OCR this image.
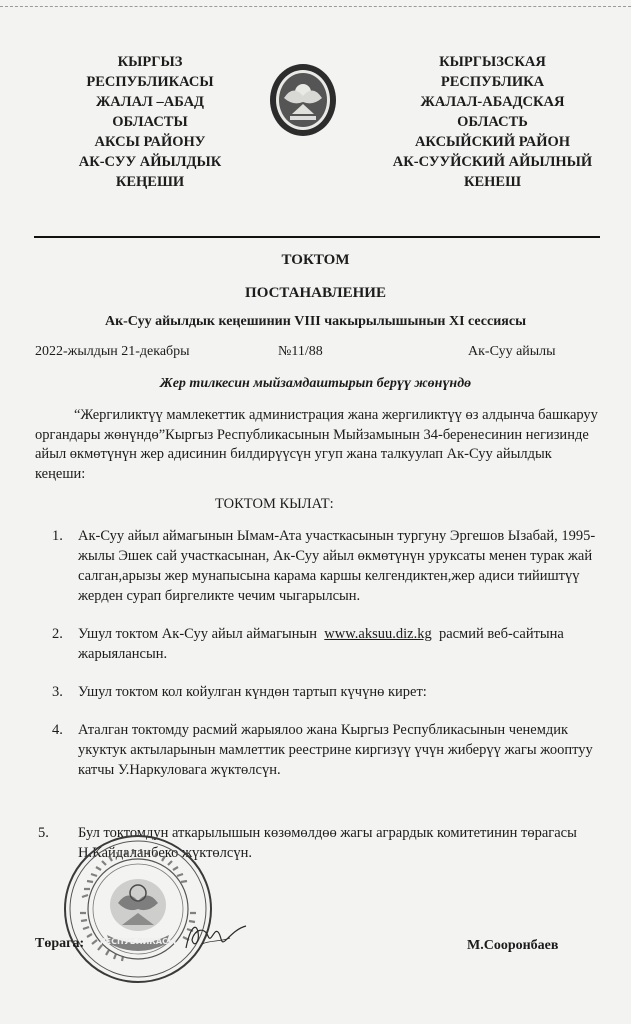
КЫРГЫЗ
РЕСПУБЛИКАСЫ
ЖАЛАЛ –АБАД
ОБЛАСТЫ
АКСЫ РАЙОНУ
АК-СУУ АЙЫЛДЫК
КЕҢЕШИ
КЫРГЫЗСКАЯ
РЕСПУБЛИКА
ЖАЛАЛ-АБАДСКАЯ
ОБЛАСТЬ
АКСЫЙСКИЙ РАЙОН
АК-СУУЙСКИЙ АЙЫЛНЫЙ
КЕНЕШ
ТОКТОМ
ПОСТАНАВЛЕНИЕ
Ак-Суу айылдык кеңешинин VIII чакырылышынын XI сессиясы
2022-жылдын 21-декабры	№11/88	Ак-Суу айылы
Жер тилкесин мыйзамдаштырып берүү жөнүндө
“Жергиликтүү мамлекеттик администрация жана жергиликтүү өз алдынча башкаруу
органдары жөнүндө”Кыргыз Республикасынын Мыйзамынын 34-беренесинин негизинде
айыл өкмөтүнүн жер адисинин билдирүүсүн угуп жана талкуулап Ак-Суу айылдык
кеңеши:
ТОКТОМ КЫЛАТ:
1. Ак-Суу айыл аймагынын Ымам-Ата участкасынын тургуну Эргешов Ызабай, 1995-
жылы Эшек сай участкасынан, Ак-Суу айыл өкмөтүнүн уруксаты менен турак жай
салган,арызы жер мунапысына карама каршы келгендиктен,жер адиси тийиштүү
жерден сурап биргеликте чечим чыгарылсын.
2. Ушул токтом Ак-Суу айыл аймагынын  www.aksuu.diz.kg  расмий веб-сайтына
жарыялансын.
3. Ушул токтом кол койулган күндөн тартып күчүнө кирет:
4. Аталган токтомду расмий жарыялоо жана Кыргыз Республикасынын ченемдик
укуктук актыларынын мамлеттик реестрине киргизүү үчүн жиберүү жагы жооптуу
катчы У.Наркуловага жүктөлсүн.
5. Бул токтомдун аткарылышын көзөмөлдөө жагы агрардык комитетинин төрагасы
Н.Кайдаланбеко жүктөлсүн.
РЕСПУБЛИКАСЫ
Төрага:	М.Соoронбаев
